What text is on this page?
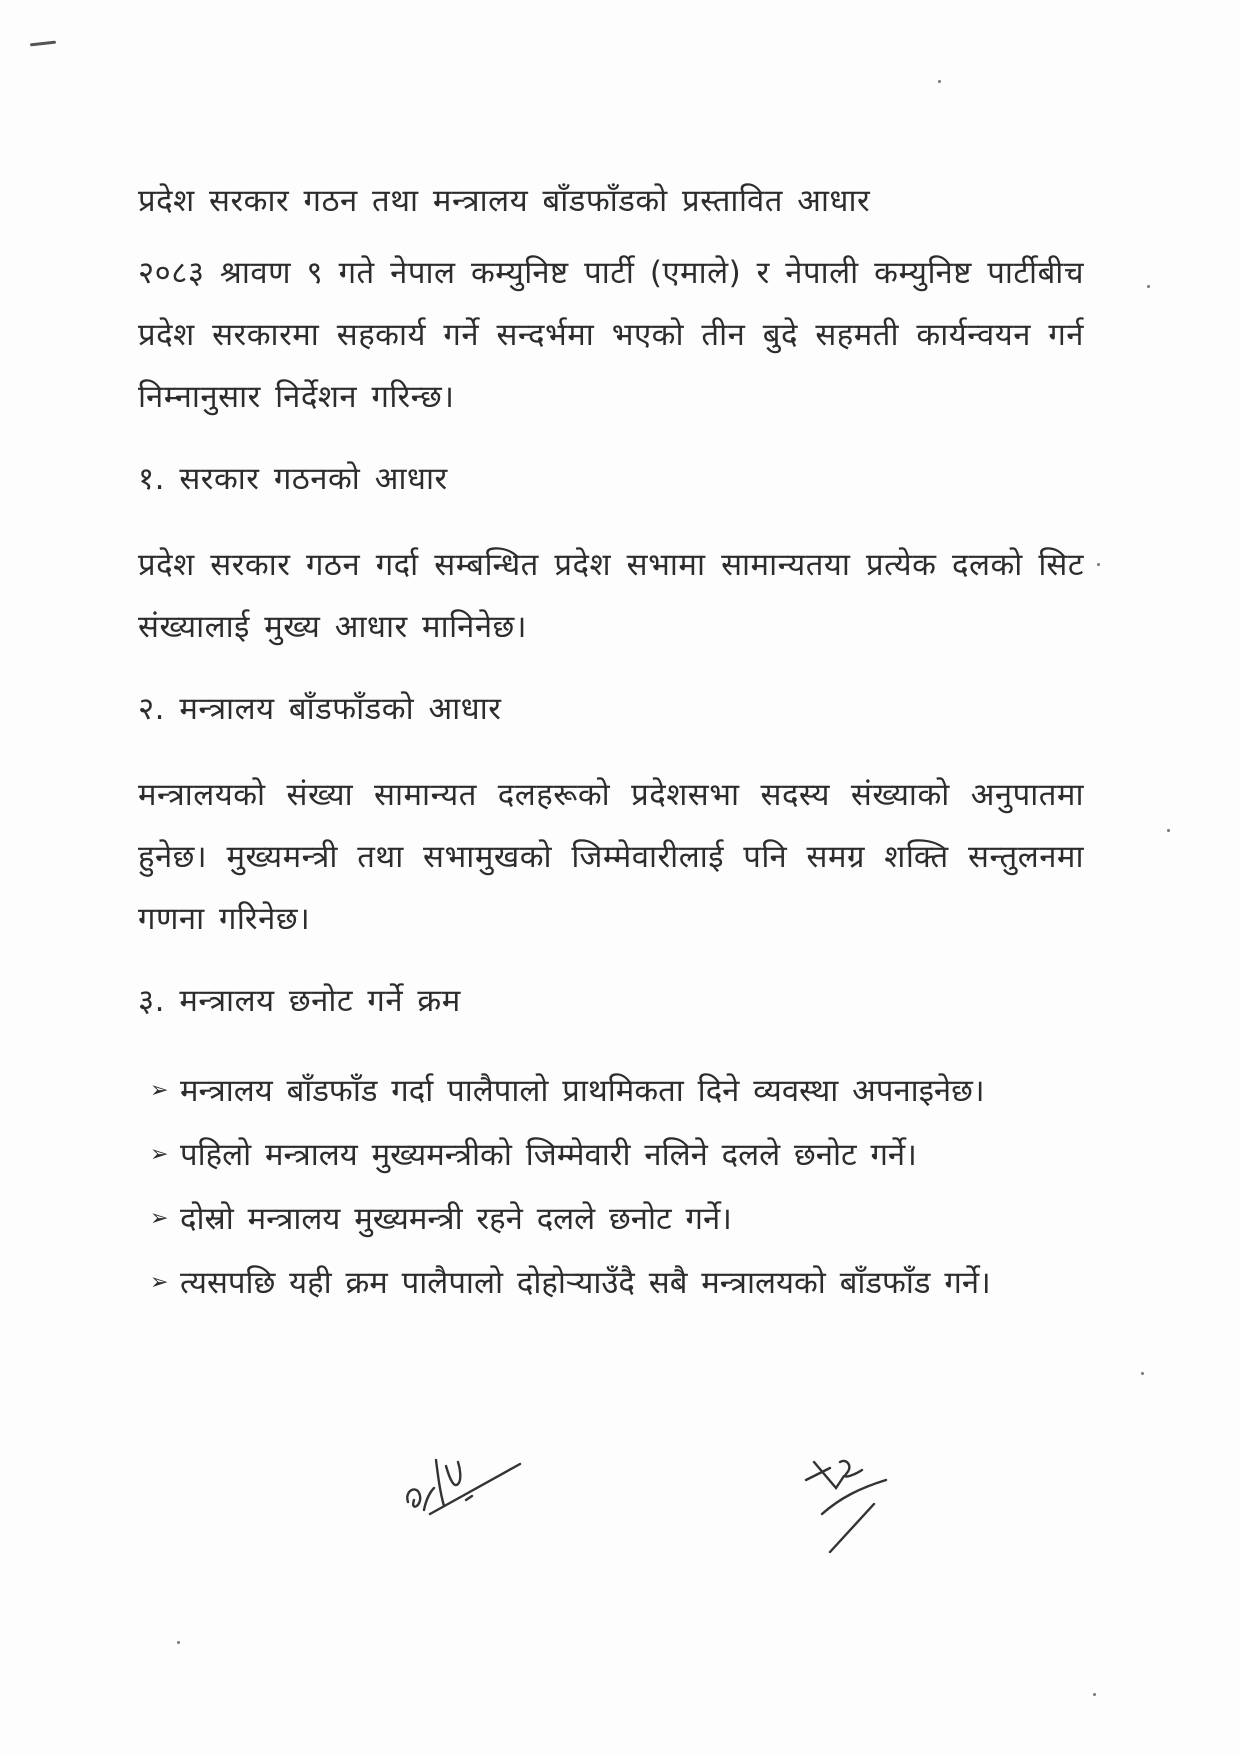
प्रदेश सरकार गठन तथा मन्त्रालय बाँडफाँडको प्रस्तावित आधार

२०८३ श्रावण ९ गते नेपाल कम्युनिष्ट पार्टी (एमाले) र नेपाली कम्युनिष्ट पार्टीबीच प्रदेश सरकारमा सहकार्य गर्ने सन्दर्भमा भएको तीन बुदे सहमती कार्यन्वयन गर्न निम्नानुसार निर्देशन गरिन्छ।

१. सरकार गठनको आधार

प्रदेश सरकार गठन गर्दा सम्बन्धित प्रदेश सभामा सामान्यतया प्रत्येक दलको सिट संख्यालाई मुख्य आधार मानिनेछ।

२. मन्त्रालय बाँडफाँडको आधार

मन्त्रालयको संख्या सामान्यत दलहरूको प्रदेशसभा सदस्य संख्याको अनुपातमा हुनेछ। मुख्यमन्त्री तथा सभामुखको जिम्मेवारीलाई पनि समग्र शक्ति सन्तुलनमा गणना गरिनेछ।

३. मन्त्रालय छनोट गर्ने क्रम

➢ मन्त्रालय बाँडफाँड गर्दा पालैपालो प्राथमिकता दिने व्यवस्था अपनाइनेछ।
➢ पहिलो मन्त्रालय मुख्यमन्त्रीको जिम्मेवारी नलिने दलले छनोट गर्ने।
➢ दोस्रो मन्त्रालय मुख्यमन्त्री रहने दलले छनोट गर्ने।
➢ त्यसपछि यही क्रम पालैपालो दोहोऱ्याउँदै सबै मन्त्रालयको बाँडफाँड गर्ने।
